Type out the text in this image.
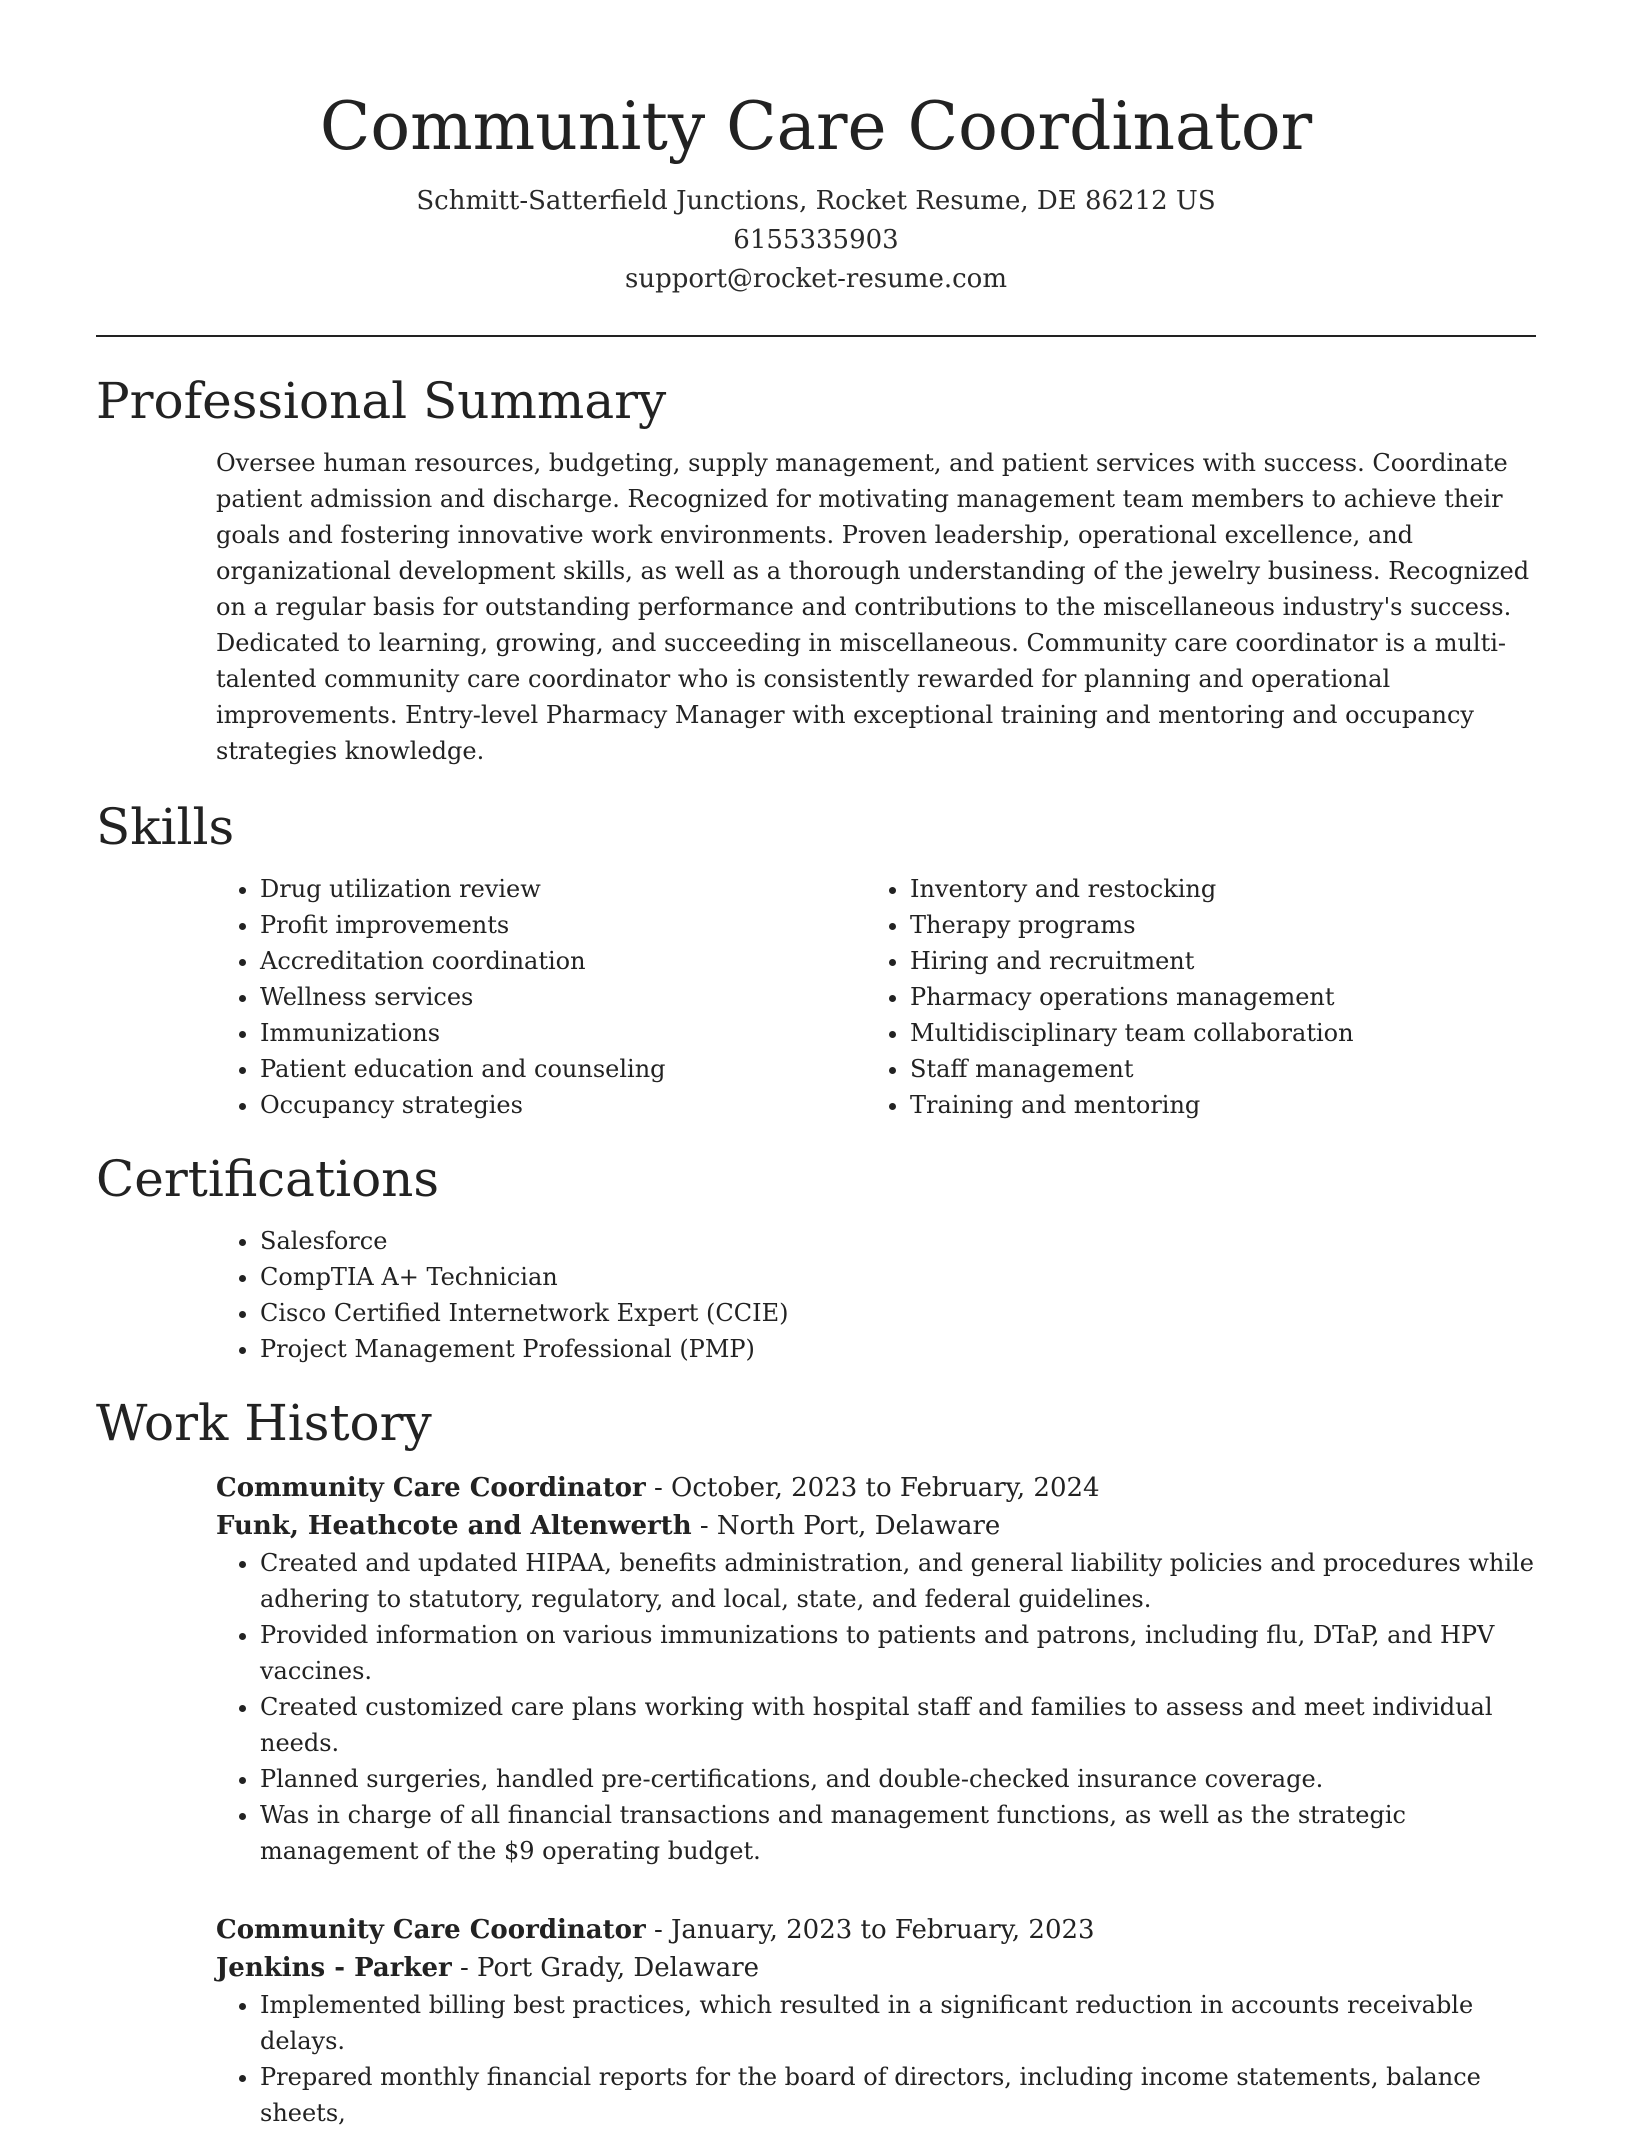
Community Care Coordinator
Schmitt-Satterfield Junctions, Rocket Resume, DE 86212 US
6155335903
support@rocket-resume.com
Professional Summary

Oversee human resources, budgeting, supply management, and patient services with success. Coordinate patient admission and discharge. Recognized for motivating management team members to achieve their goals and fostering innovative work environments. Proven leadership, operational excellence, and organizational development skills, as well as a thorough understanding of the jewelry business. Recognized on a regular basis for outstanding performance and contributions to the miscellaneous industry's success. Dedicated to learning, growing, and succeeding in miscellaneous. Community care coordinator is a multi-talented community care coordinator who is consistently rewarded for planning and operational improvements. Entry-level Pharmacy Manager with exceptional training and mentoring and occupancy strategies knowledge.

Skills
• Drug utilization review
• Profit improvements
• Accreditation coordination
• Wellness services
• Immunizations
• Patient education and counseling
• Occupancy strategies
• Inventory and restocking
• Therapy programs
• Hiring and recruitment
• Pharmacy operations management
• Multidisciplinary team collaboration
• Staff management
• Training and mentoring
Certifications
• Salesforce
• CompTIA A+ Technician
• Cisco Certified Internetwork Expert (CCIE)
• Project Management Professional (PMP)
Work History
Community Care Coordinator - October, 2023 to February, 2024
Funk, Heathcote and Altenwerth - North Port, Delaware
• Created and updated HIPAA, benefits administration, and general liability policies and procedures while adhering to statutory, regulatory, and local, state, and federal guidelines.
• Provided information on various immunizations to patients and patrons, including flu, DTaP, and HPV vaccines.
• Created customized care plans working with hospital staff and families to assess and meet individual needs.
• Planned surgeries, handled pre-certifications, and double-checked insurance coverage.
• Was in charge of all financial transactions and management functions, as well as the strategic management of the $9 operating budget.
Community Care Coordinator - January, 2023 to February, 2023
Jenkins - Parker - Port Grady, Delaware
• Implemented billing best practices, which resulted in a significant reduction in accounts receivable delays.
• Prepared monthly financial reports for the board of directors, including income statements, balance sheets,
